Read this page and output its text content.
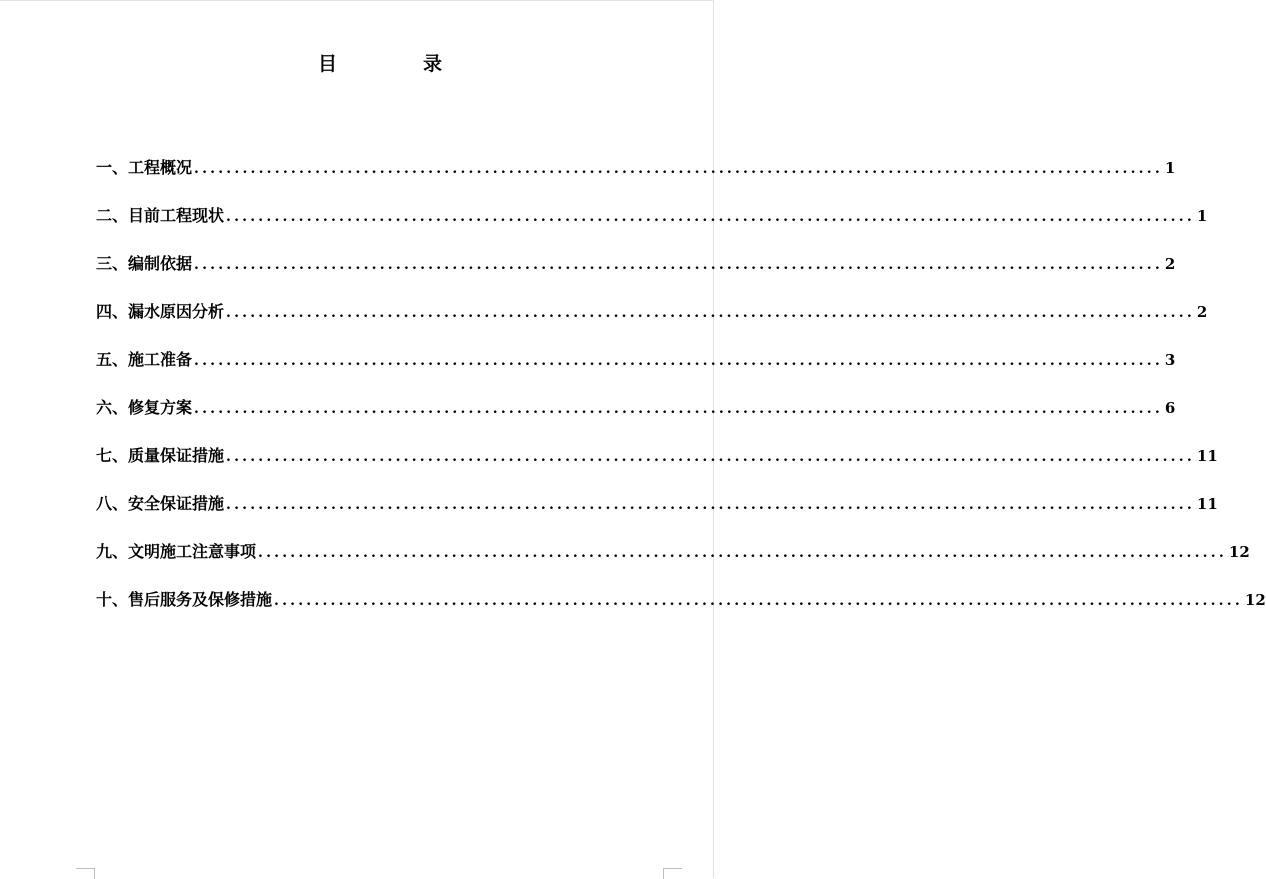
目	录
一、工程概况 ........................................................................................................................ 1
二、目前工程现状 ........................................................................................................................ 1
三、编制依据 ........................................................................................................................ 2
四、漏水原因分析 ........................................................................................................................ 2
五、施工准备 ........................................................................................................................ 3
六、修复方案 ........................................................................................................................ 6
七、质量保证措施 ........................................................................................................................ 11
八、安全保证措施 ........................................................................................................................ 11
九、文明施工注意事项 ........................................................................................................................ 12
十、售后服务及保修措施 ........................................................................................................................ 12
